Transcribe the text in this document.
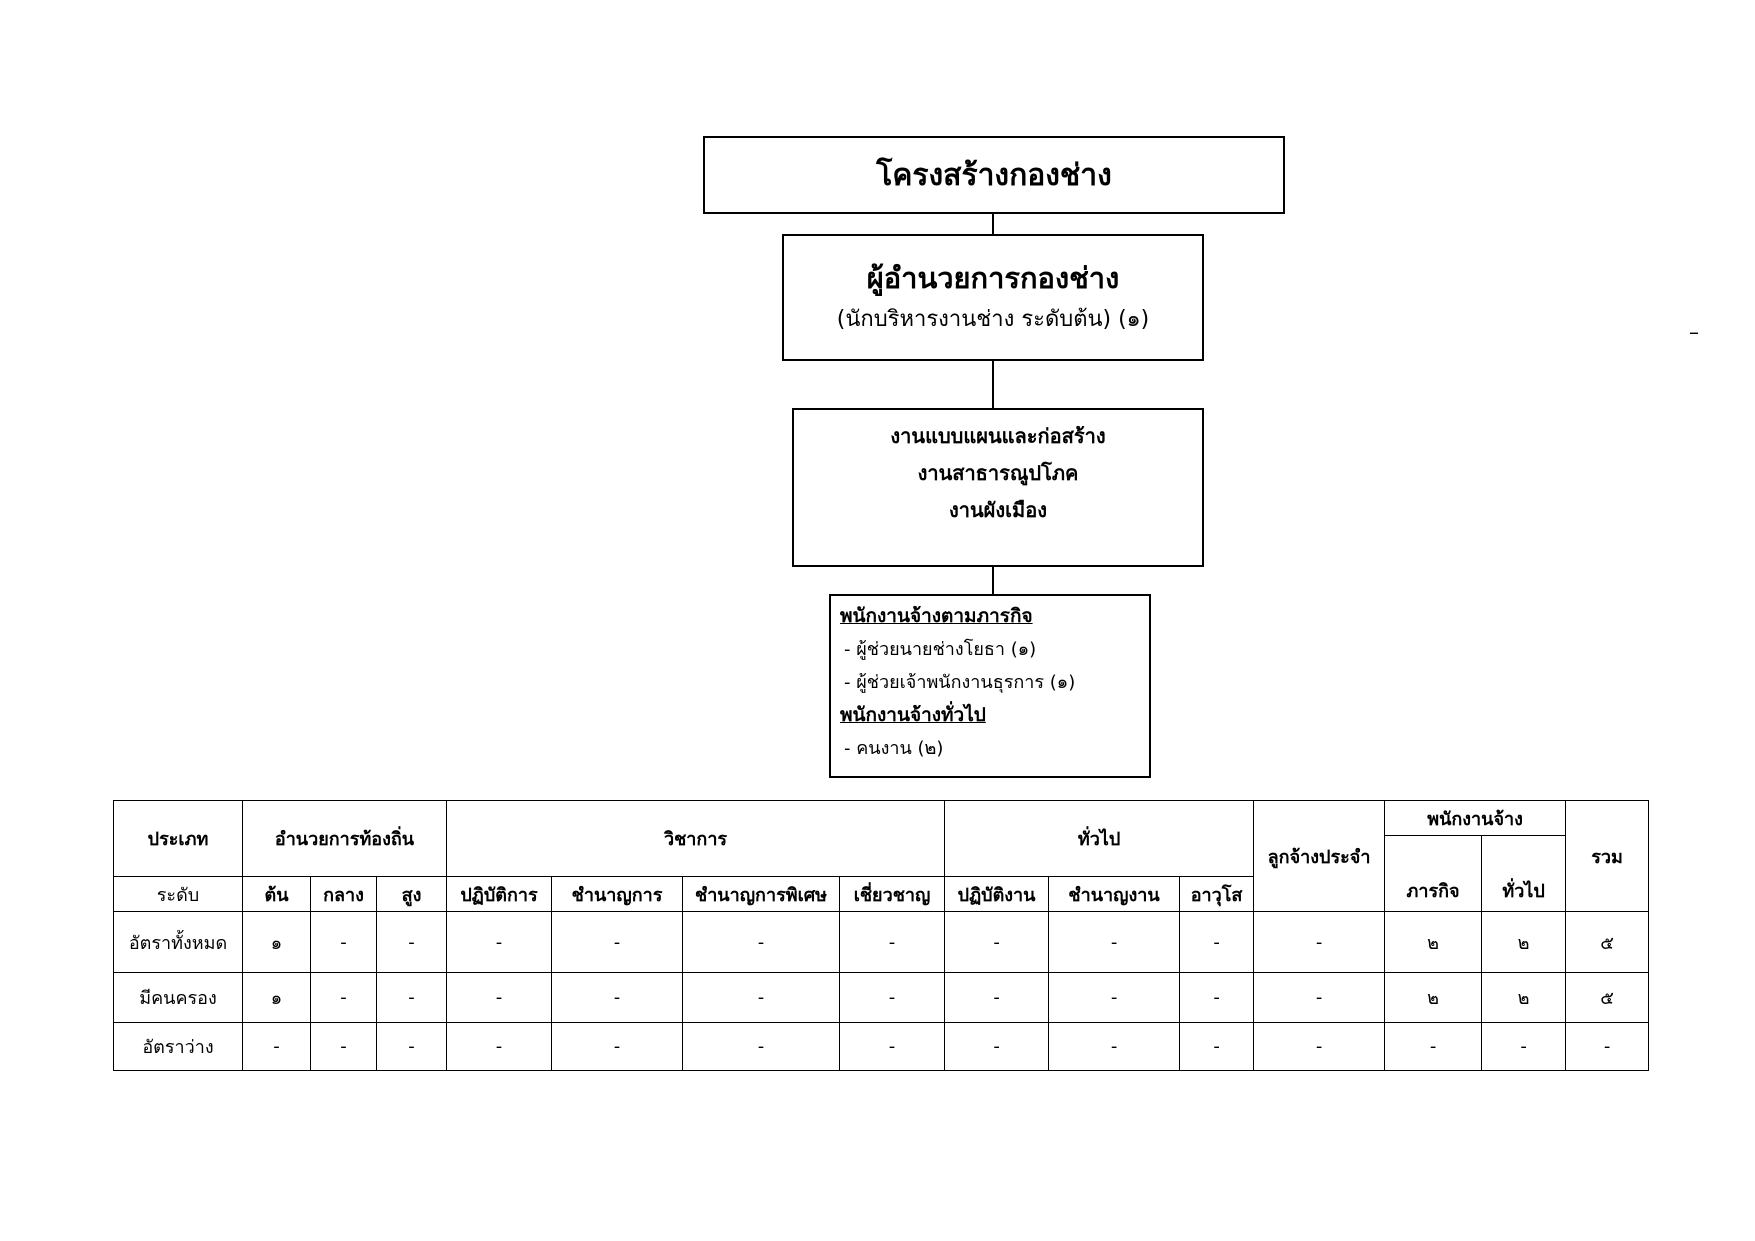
โครงสร้างกองช่าง
ผู้อำนวยการกองช่าง
(นักบริหารงานช่าง ระดับต้น) (๑)
งานแบบแผนและก่อสร้าง
งานสาธารณูปโภค
งานผังเมือง
พนักงานจ้างตามภารกิจ
- ผู้ช่วยนายช่างโยธา (๑)
- ผู้ช่วยเจ้าพนักงานธุรการ (๑)
พนักงานจ้างทั่วไป
- คนงาน (๒)
–
ประเภท	อำนวยการท้องถิ่น			วิชาการ				ทั่วไป			ลูกจ้างประจำ	พนักงานจ้าง		รวม
												ภารกิจ	ทั่วไป	
ระดับ	ต้น	กลาง	สูง	ปฏิบัติการ	ชำนาญการ	ชำนาญการพิเศษ	เชี่ยวชาญ	ปฏิบัติงาน	ชำนาญงาน	อาวุโส				
อัตราทั้งหมด	๑	-	-	-	-	-	-	-	-	-	-	๒	๒	๕
มีคนครอง	๑	-	-	-	-	-	-	-	-	-	-	๒	๒	๕
อัตราว่าง	-	-	-	-	-	-	-	-	-	-	-	-	-	-
